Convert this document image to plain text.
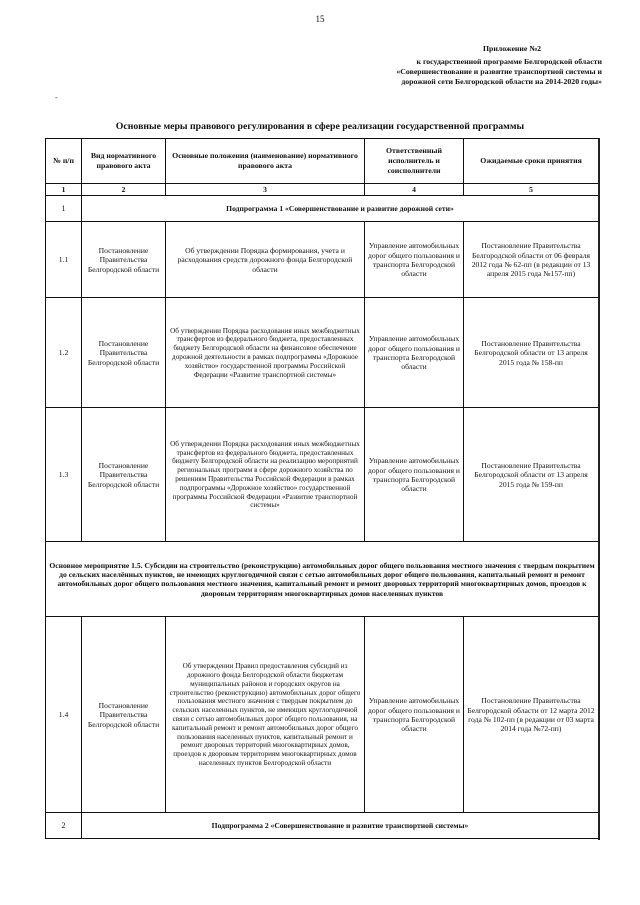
15
Приложение №2
к государственной программе Белгородской области
«Совершенствование и развитие транспортной системы и
дорожной сети Белгородской области на 2014-2020 годы»
-
Основные меры правового регулирования в сфере реализации государственной программы
№ п/п	Вид нормативного правового акта	Основные положения (наименование) нормативного правового акта	Ответственный исполнитель и соисполнители	Ожидаемые сроки принятия
1	2	3	4	5
1	Подпрограмма 1 «Совершенствование и развитие дорожной сети»			
1.1	Постановление Правительства Белгородской области	Об утверждении Порядка формирования, учета и расходования средств дорожного фонда Белгородской области	Управление автомобильных дорог общего пользования и транспорта Белгородской области	Постановление Правительства Белгородской области от 06 февраля 2012 года № 62-пп (в редакции от 13 апреля 2015 года №157-пп)
1.2	Постановление Правительства Белгородской области	Об утверждении Порядка расходования иных межбюджетных трансфертов из федерального бюджета, предоставленных бюджету Белгородской области на финансовое обеспечение дорожной деятельности в рамках подпрограммы «Дорожное хозяйство» государственной программы Российской Федерации «Развитие транспортной системы»	Управление автомобильных дорог общего пользования и транспорта Белгородской области	Постановление Правительства Белгородской области от 13 апреля 2015 года № 158-пп
1.3	Постановление Правительства Белгородской области	Об утверждении Порядка расходования иных межбюджетных трансфертов из федерального бюджета, предоставленных бюджету Белгородской области на реализацию мероприятий региональных программ в сфере дорожного хозяйства по решениям Правительства Российской Федерации в рамках подпрограммы «Дорожное хозяйство» государственной программы Российской Федерации «Развитие транспортной системы»	Управление автомобильных дорог общего пользования и транспорта Белгородской области	Постановление Правительства Белгородской области от 13 апреля 2015 года № 159-пп
Основное мероприятие 1.5. Субсидии на строительство (реконструкцию) автомобильных дорог общего пользования местного значения с твердым покрытием до сельских населённых пунктов, не имеющих круглогодичной связи с сетью автомобильных дорог общего пользования, капитальный ремонт и ремонт автомобильных дорог общего пользования местного значения, капитальный ремонт и ремонт дворовых территорий многоквартирных домов, проездов к дворовым территориям многоквартирных домов населенных пунктов				
1.4	Постановление Правительства Белгородской области	Об утверждении Правил предоставления субсидий из дорожного фонда Белгородской области бюджетам муниципальных районов и городских округов на строительство (реконструкцию) автомобильных дорог общего пользования местного значения с твердым покрытием до сельских населенных пунктов, не имеющих круглогодичной связи с сетью автомобильных дорог общего пользования, на капитальный ремонт и ремонт автомобильных дорог общего пользования населенных пунктов, капитальный ремонт и ремонт дворовых территорий многоквартирных домов, проездов к дворовым территориям многоквартирных домов населенных пунктов Белгородской области	Управление автомобильных дорог общего пользования и транспорта Белгородской области	Постановление Правительства Белгородской области от 12 марта 2012 года № 102-пп (в редакции от 03 марта 2014 года №72-пп)
2	Подпрограмма 2 «Совершенствование и развитие транспортной системы»			
